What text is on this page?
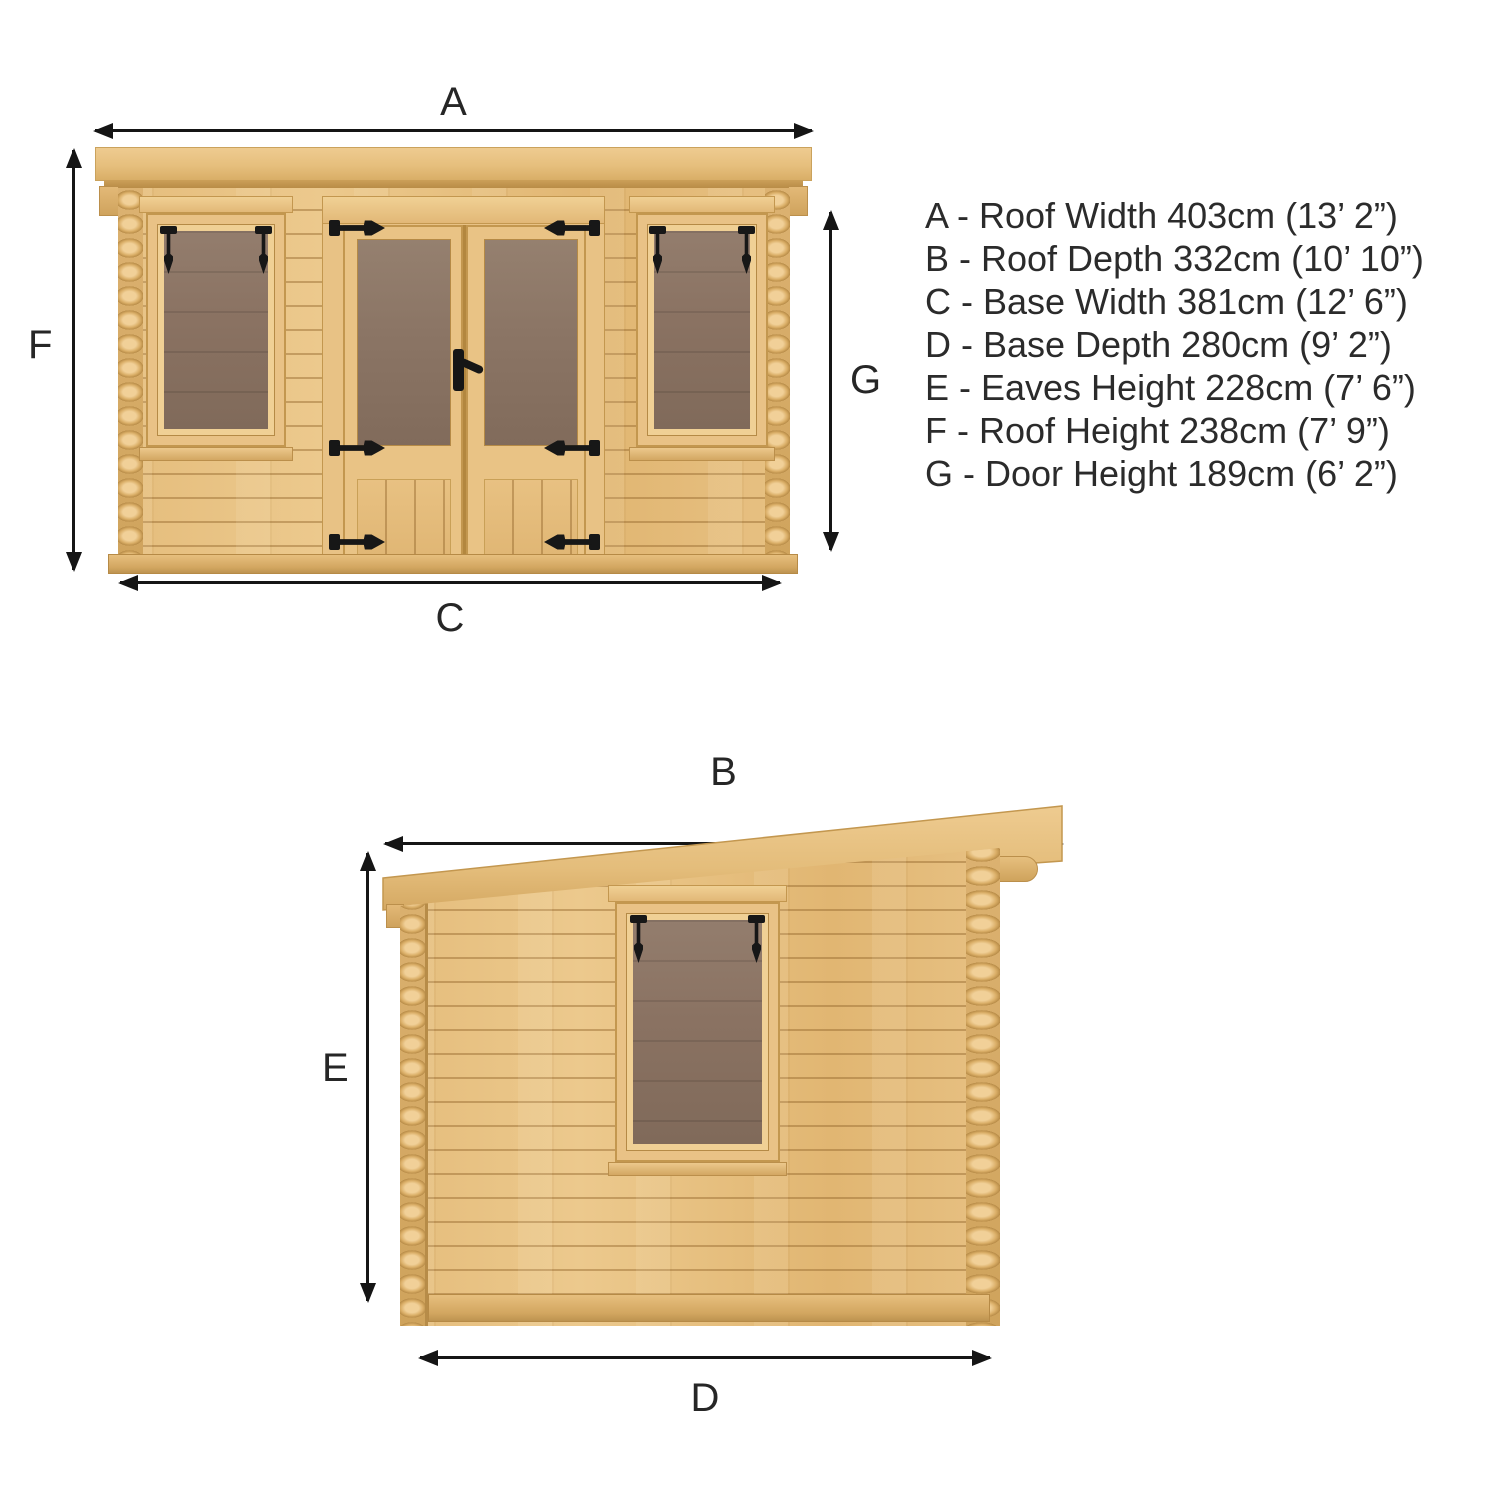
A
F
C
G
B
E
D
A - Roof Width 403cm (13’ 2”)
B - Roof Depth 332cm (10’ 10”)
C - Base Width 381cm (12’ 6”)
D - Base Depth 280cm (9’ 2”)
E - Eaves Height 228cm (7’ 6”)
F - Roof Height 238cm (7’ 9”)
G - Door Height 189cm (6’ 2”)
